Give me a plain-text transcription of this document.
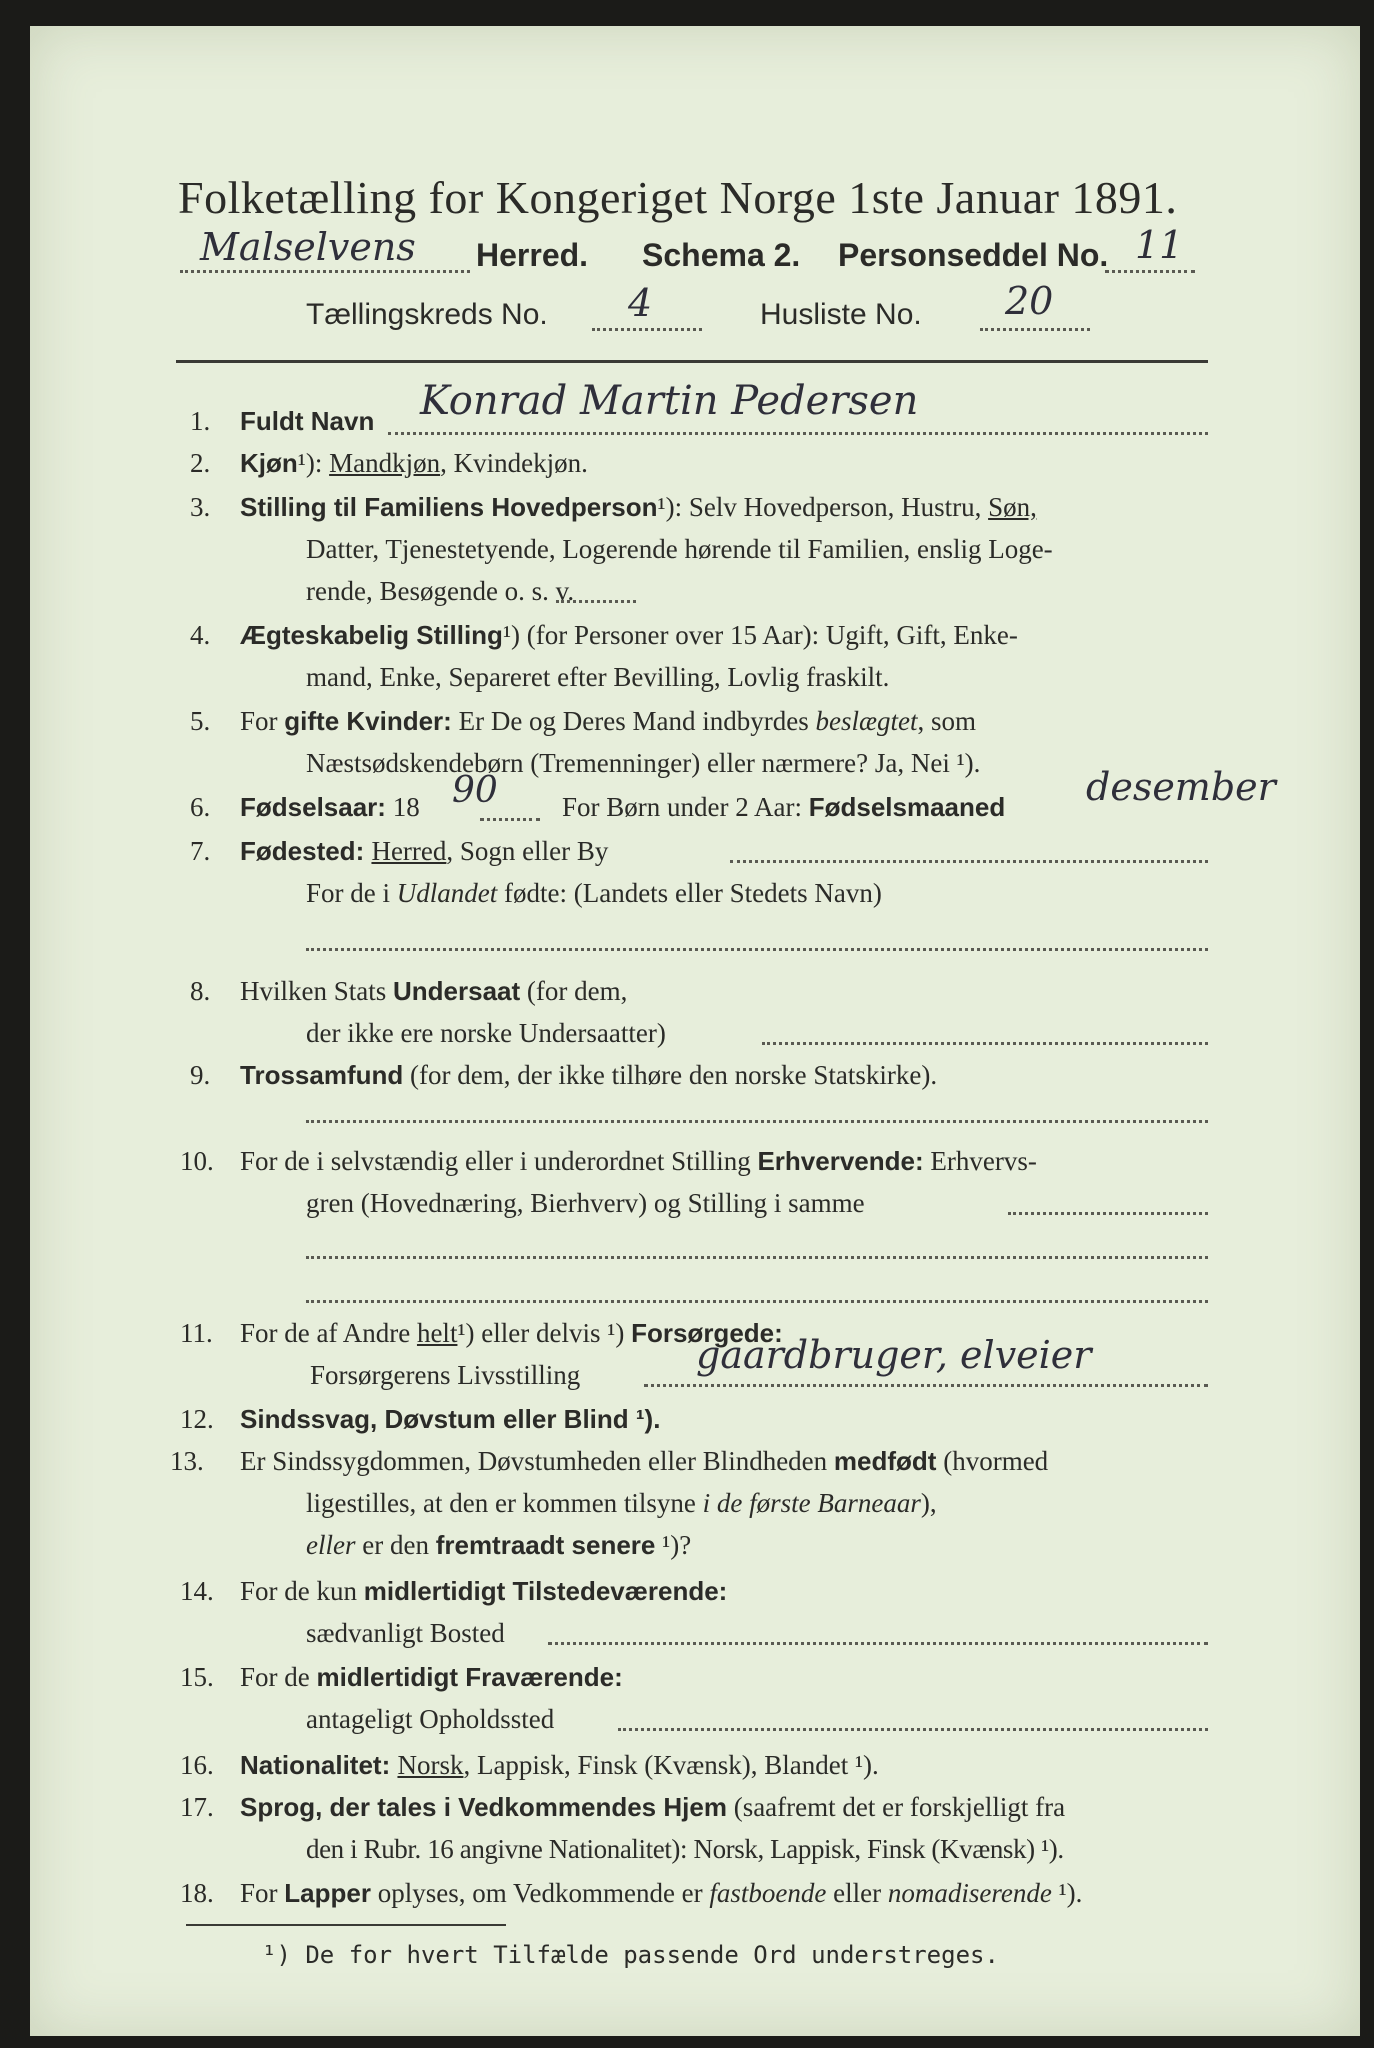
Folketælling for Kongeriget Norge 1ste Januar 1891.
Malselvens Herred. Schema 2. Personseddel No. 11
Tællingskreds No. 4	Husliste No. 20
1. Fuldt Navn Konrad Martin Pedersen
2. Kjøn¹): Mandkjøn, Kvindekjøn.
3. Stilling til Familiens Hovedperson¹): Selv Hovedperson, Hustru, Søn,
Datter, Tjenestetyende, Logerende hørende til Familien, enslig Loge-
rende, Besøgende o. s. v.
4. Ægteskabelig Stilling¹) (for Personer over 15 Aar): Ugift, Gift, Enke-
mand, Enke, Separeret efter Bevilling, Lovlig fraskilt.
5. For gifte Kvinder: Er De og Deres Mand indbyrdes beslægtet, som
Næstsødskendebørn (Tremenninger) eller nærmere? Ja, Nei ¹).
6. Fødselsaar: 18 90 For Børn under 2 Aar: Fødselsmaaned desember
7. Fødested: Herred, Sogn eller By
For de i Udlandet fødte: (Landets eller Stedets Navn)
8. Hvilken Stats Undersaat (for dem,
der ikke ere norske Undersaatter)
9. Trossamfund (for dem, der ikke tilhøre den norske Statskirke).
10. For de i selvstændig eller i underordnet Stilling Erhvervende: Erhvervs-
gren (Hovednæring, Bierhverv) og Stilling i samme
11. For de af Andre helt¹) eller delvis ¹) Forsørgede:
Forsørgerens Livsstilling	gaardbruger, elveier
12. Sindssvag, Døvstum eller Blind ¹).
13. Er Sindssygdommen, Døvstumheden eller Blindheden medfødt (hvormed
ligestilles, at den er kommen tilsyne i de første Barneaar),
eller er den fremtraadt senere ¹)?
14. For de kun midlertidigt Tilstedeværende:
sædvanligt Bosted
15. For de midlertidigt Fraværende:
antageligt Opholdssted
16. Nationalitet: Norsk, Lappisk, Finsk (Kvænsk), Blandet ¹).
17. Sprog, der tales i Vedkommendes Hjem (saafremt det er forskjelligt fra
den i Rubr. 16 angivne Nationalitet): Norsk, Lappisk, Finsk (Kvænsk) ¹).
18. For Lapper oplyses, om Vedkommende er fastboende eller nomadiserende ¹).
¹) De for hvert Tilfælde passende Ord understreges.
